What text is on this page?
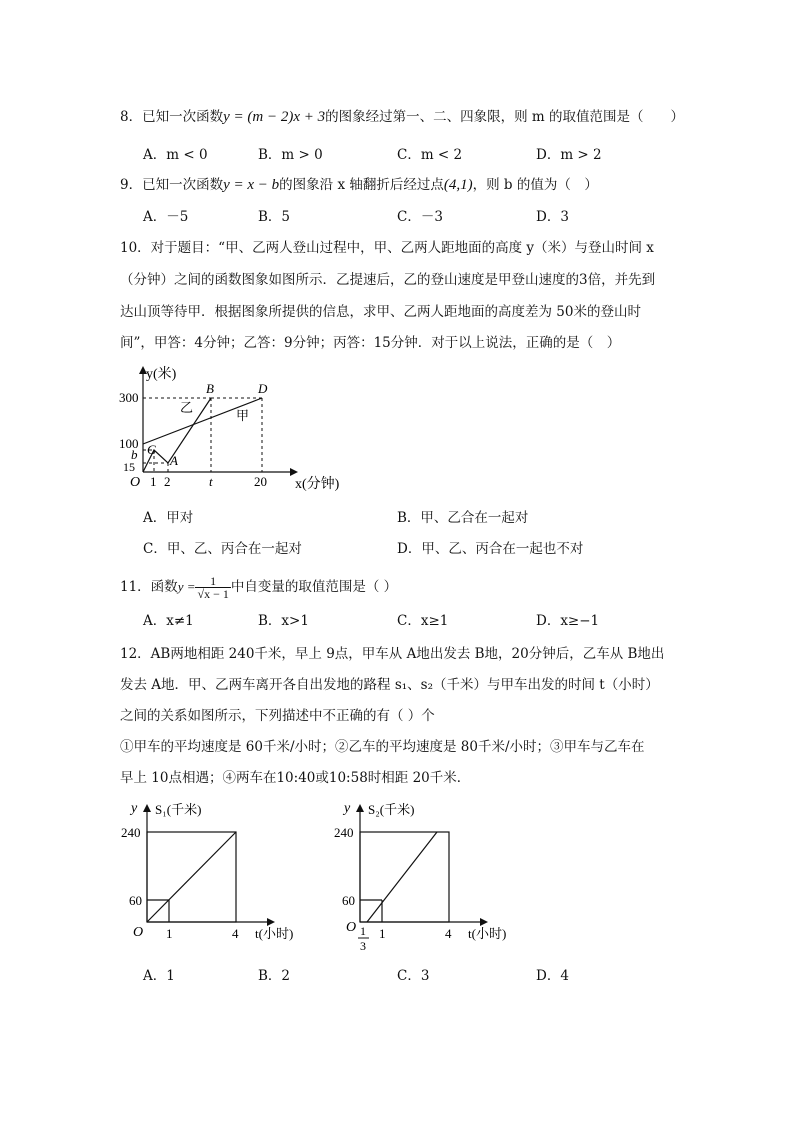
8．已知一次函数y = (m − 2)x + 3的图象经过第一、二、四象限，则 m 的取值范围是（　　）
A．m < 0	B．m > 0	C．m < 2	D．m > 2
9．已知一次函数y = x − b的图象沿 x 轴翻折后经过点(4,1)，则 b 的值为（　）
A．－5	B．5	C．－3	D．3
10．对于题目：“甲、乙两人登山过程中，甲、乙两人距地面的高度 y（米）与登山时间 x
（分钟）之间的函数图象如图所示．乙提速后，乙的登山速度是甲登山速度的3倍，并先到
达山顶等待甲．根据图象所提供的信息，求甲、乙两人距地面的高度差为 50米的登山时
间”，甲答：4分钟；乙答：9分钟；丙答：15分钟．对于以上说法，正确的是（　）
y(米)
x(分钟)
O
300
100
b
15
1 2	t	20
A
B
C
D
乙
甲
A．甲对	B．甲、乙合在一起对
C．甲、乙、丙合在一起对	D．甲、乙、丙合在一起也不对
11．函数$y = \frac{1}{√x - 1}$ 中自变量的取值范围是（ ）
A．x≠1	B．x>1	C．x≥1	D．x≥−1
12．AB两地相距 240千米，早上 9点，甲车从 A地出发去 B地，20分钟后，乙车从 B地出
发去 A地．甲、乙两车离开各自出发地的路程 s₁、s₂（千米）与甲车出发的时间 t（小时）
之间的关系如图所示，下列描述中不正确的有（ ）个
①甲车的平均速度是 60千米/小时；②乙车的平均速度是 80千米/小时；③甲车与乙车在
早上 10点相遇；④两车在10:40或10:58时相距 20千米．
y S₁(千米)
t(小时)
O
240
60
1	4
y S₂(千米)
t(小时)
O
240
60
1	4
1
3
A．1	B．2	C．3	D．4
